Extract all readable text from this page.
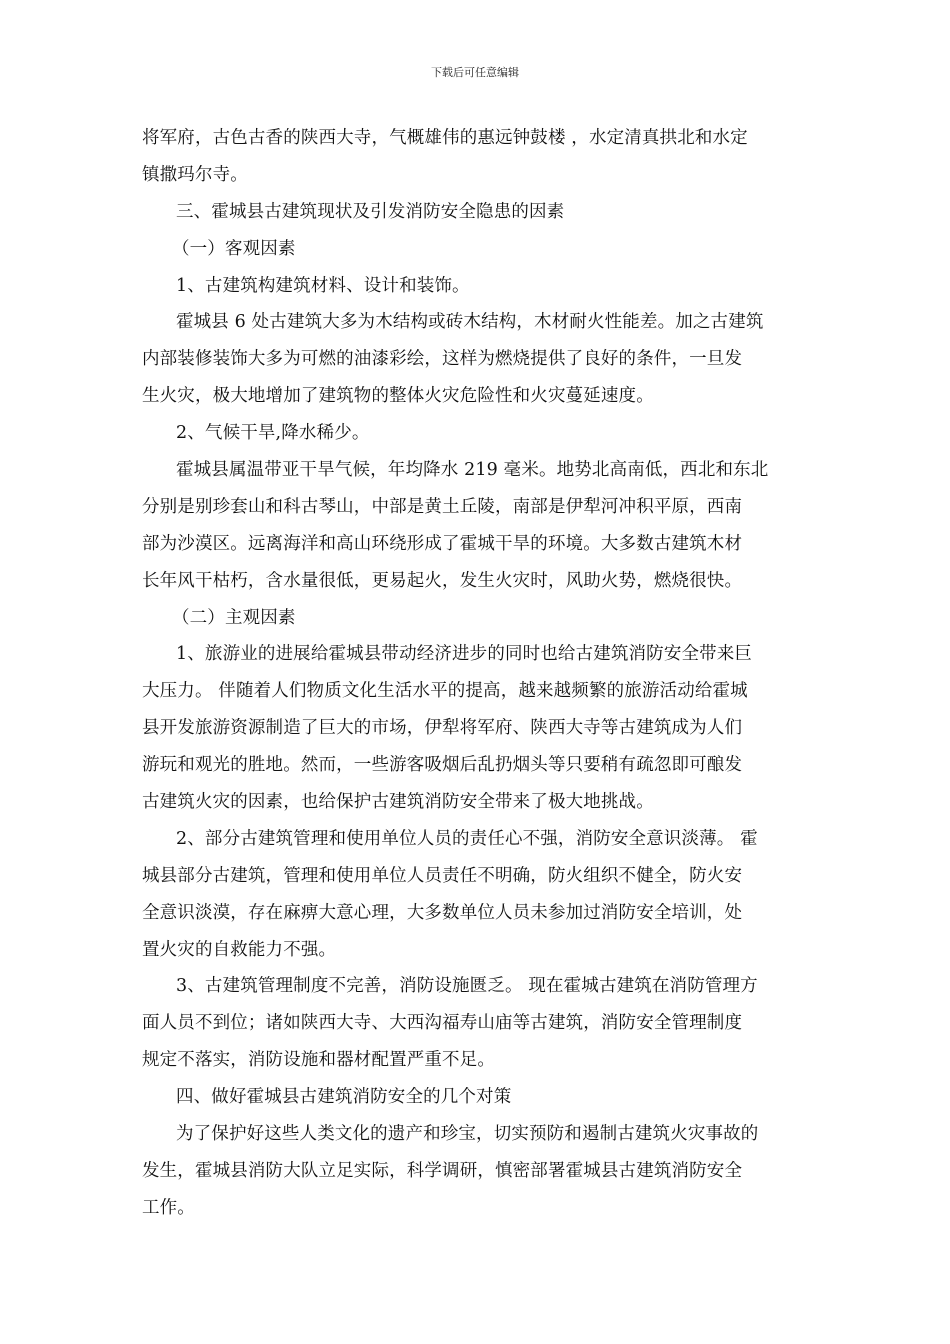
下载后可任意编辑
将军府，古色古香的陕西大寺，气概雄伟的惠远钟鼓楼 ，水定清真拱北和水定
镇撒玛尔寺。
三、霍城县古建筑现状及引发消防安全隐患的因素
（一）客观因素
1、古建筑构建筑材料、设计和装饰。
霍城县 6 处古建筑大多为木结构或砖木结构，木材耐火性能差。加之古建筑
内部装修装饰大多为可燃的油漆彩绘，这样为燃烧提供了良好的条件，一旦发
生火灾，极大地增加了建筑物的整体火灾危险性和火灾蔓延速度。
2、气候干旱,降水稀少。
霍城县属温带亚干旱气候，年均降水 219 毫米。地势北高南低，西北和东北
分别是别珍套山和科古琴山，中部是黄土丘陵，南部是伊犁河冲积平原，西南
部为沙漠区。远离海洋和高山环绕形成了霍城干旱的环境。大多数古建筑木材
长年风干枯朽，含水量很低，更易起火，发生火灾时，风助火势，燃烧很快。
（二）主观因素
1、旅游业的进展给霍城县带动经济进步的同时也给古建筑消防安全带来巨
大压力。 伴随着人们物质文化生活水平的提高，越来越频繁的旅游活动给霍城
县开发旅游资源制造了巨大的市场，伊犁将军府、陕西大寺等古建筑成为人们
游玩和观光的胜地。然而，一些游客吸烟后乱扔烟头等只要稍有疏忽即可酿发
古建筑火灾的因素，也给保护古建筑消防安全带来了极大地挑战。
2、部分古建筑管理和使用单位人员的责任心不强，消防安全意识淡薄。 霍
城县部分古建筑，管理和使用单位人员责任不明确，防火组织不健全，防火安
全意识淡漠，存在麻痹大意心理，大多数单位人员未参加过消防安全培训，处
置火灾的自救能力不强。
3、古建筑管理制度不完善，消防设施匮乏。 现在霍城古建筑在消防管理方
面人员不到位；诸如陕西大寺、大西沟福寿山庙等古建筑，消防安全管理制度
规定不落实，消防设施和器材配置严重不足。
四、做好霍城县古建筑消防安全的几个对策
为了保护好这些人类文化的遗产和珍宝，切实预防和遏制古建筑火灾事故的
发生，霍城县消防大队立足实际，科学调研，慎密部署霍城县古建筑消防安全
工作。
